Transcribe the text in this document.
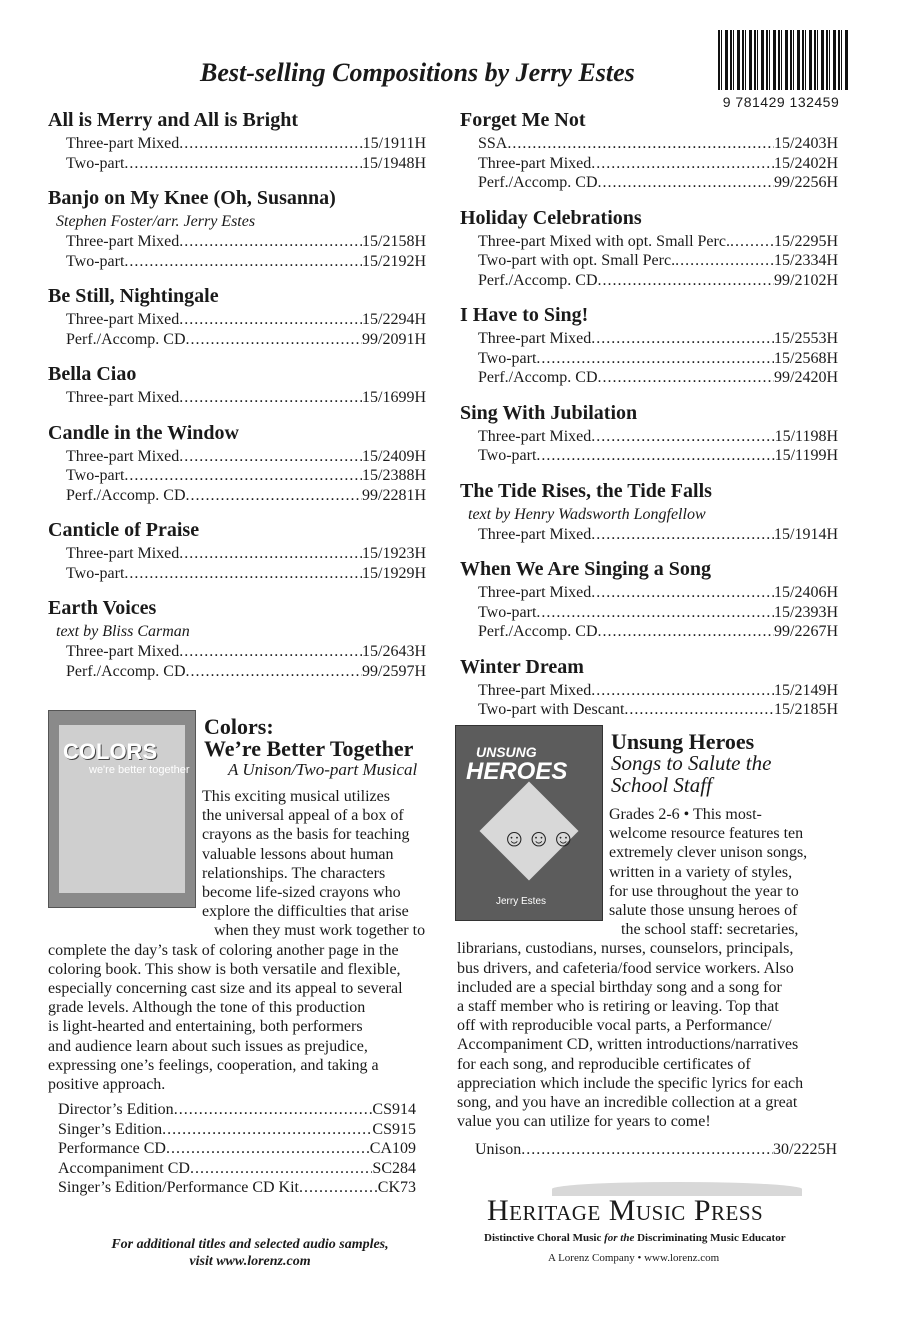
9 781429 132459
Best-selling Compositions by Jerry Estes
All is Merry and All is Bright
Three-part Mixed .....	15/1911H
Two-part .....	15/1948H
Banjo on My Knee (Oh, Susanna)
Stephen Foster/arr. Jerry Estes
Three-part Mixed .....	15/2158H
Two-part .....	15/2192H
Be Still, Nightingale
Three-part Mixed .....	15/2294H
Perf./Accomp. CD .....	99/2091H
Bella Ciao
Three-part Mixed .....	15/1699H
Candle in the Window
Three-part Mixed .....	15/2409H
Two-part .....	15/2388H
Perf./Accomp. CD .....	99/2281H
Canticle of Praise
Three-part Mixed .....	15/1923H
Two-part .....	15/1929H
Earth Voices
text by Bliss Carman
Three-part Mixed .....	15/2643H
Perf./Accomp. CD .....	99/2597H
Forget Me Not
SSA .....	15/2403H
Three-part Mixed .....	15/2402H
Perf./Accomp. CD .....	99/2256H
Holiday Celebrations
Three-part Mixed with opt. Small Perc. .....	15/2295H
Two-part with opt. Small Perc. .....	15/2334H
Perf./Accomp. CD .....	99/2102H
I Have to Sing!
Three-part Mixed .....	15/2553H
Two-part .....	15/2568H
Perf./Accomp. CD .....	99/2420H
Sing With Jubilation
Three-part Mixed .....	15/1198H
Two-part .....	15/1199H
The Tide Rises, the Tide Falls
text by Henry Wadsworth Longfellow
Three-part Mixed .....	15/1914H
When We Are Singing a Song
Three-part Mixed .....	15/2406H
Two-part .....	15/2393H
Perf./Accomp. CD .....	99/2267H
Winter Dream
Three-part Mixed .....	15/2149H
Two-part with Descant .....	15/2185H
COLORS
we're better together
Colors:
We’re Better Together
A Unison/Two-part Musical
This exciting musical utilizes
the universal appeal of a box of
crayons as the basis for teaching
valuable lessons about human
relationships. The characters
become life-sized crayons who
explore the difficulties that arise
when they must work together to
complete the day’s task of coloring another page in the
coloring book. This show is both versatile and flexible,
especially concerning cast size and its appeal to several
grade levels. Although the tone of this production
is light-hearted and entertaining, both performers
and audience learn about such issues as prejudice,
expressing one’s feelings, cooperation, and taking a
positive approach.
Director’s Edition .....	CS914
Singer’s Edition .....	CS915
Performance CD .....	CA109
Accompaniment CD .....	SC284
Singer’s Edition/Performance CD Kit .....	CK73
UNSUNG
HEROES
☺☺☺
Jerry Estes
Unsung Heroes
Songs to Salute the
School Staff
Grades 2-6 • This most-
welcome resource features ten
extremely clever unison songs,
written in a variety of styles,
for use throughout the year to
salute those unsung heroes of
the school staff: secretaries,
librarians, custodians, nurses, counselors, principals,
bus drivers, and cafeteria/food service workers. Also
included are a special birthday song and a song for
a staff member who is retiring or leaving. Top that
off with reproducible vocal parts, a Performance/
Accompaniment CD, written introductions/narratives
for each song, and reproducible certificates of
appreciation which include the specific lyrics for each
song, and you have an incredible collection at a great
value you can utilize for years to come!
Unison .....	30/2225H
For additional titles and selected audio samples,
visit www.lorenz.com
Heritage Music Press
Distinctive Choral Music for the Discriminating Music Educator
A Lorenz Company • www.lorenz.com
